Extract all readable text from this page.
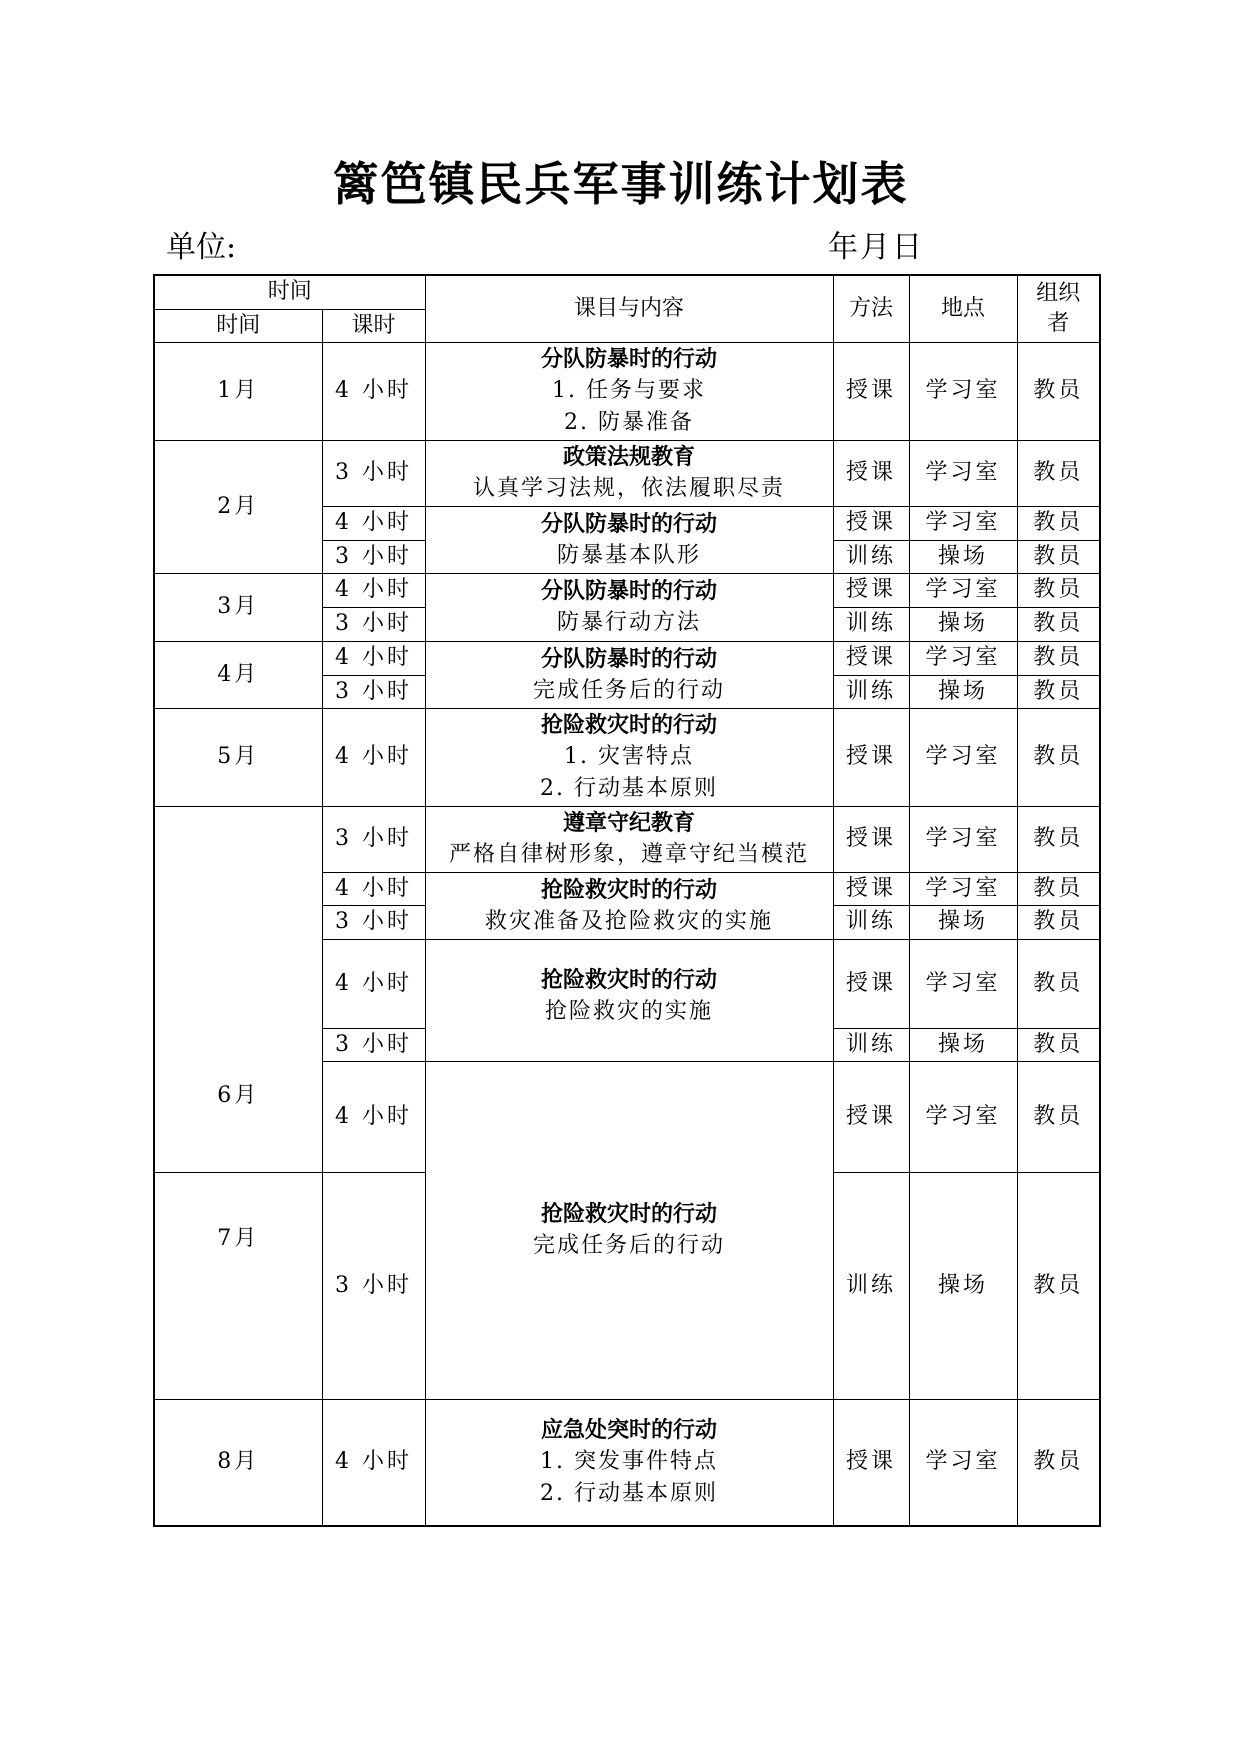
篱笆镇民兵军事训练计划表
单位:	年月日
时间		课目与内容	方法	地点	组织者
时间	课时				
1月	4 小时	分队防暴时的行动
1. 任务与要求
2. 防暴准备	授课	学习室	教员
2月	3 小时	政策法规教育
认真学习法规，依法履职尽责	授课	学习室	教员
	4 小时	分队防暴时的行动
防暴基本队形	授课	学习室	教员
	3 小时		训练	操场	教员
3月	4 小时	分队防暴时的行动
防暴行动方法	授课	学习室	教员
	3 小时		训练	操场	教员
4月	4 小时	分队防暴时的行动
完成任务后的行动	授课	学习室	教员
	3 小时		训练	操场	教员
5月	4 小时	抢险救灾时的行动
1. 灾害特点
2. 行动基本原则	授课	学习室	教员
6月	3 小时	遵章守纪教育
严格自律树形象，遵章守纪当模范	授课	学习室	教员
	4 小时	抢险救灾时的行动
救灾准备及抢险救灾的实施	授课	学习室	教员
	3 小时		训练	操场	教员
	4 小时	抢险救灾时的行动
抢险救灾的实施	授课	学习室	教员
	3 小时		训练	操场	教员
	4 小时	抢险救灾时的行动
完成任务后的行动	授课	学习室	教员
7月	3 小时		训练	操场	教员
8月	4 小时	应急处突时的行动
1. 突发事件特点
2. 行动基本原则	授课	学习室	教员
